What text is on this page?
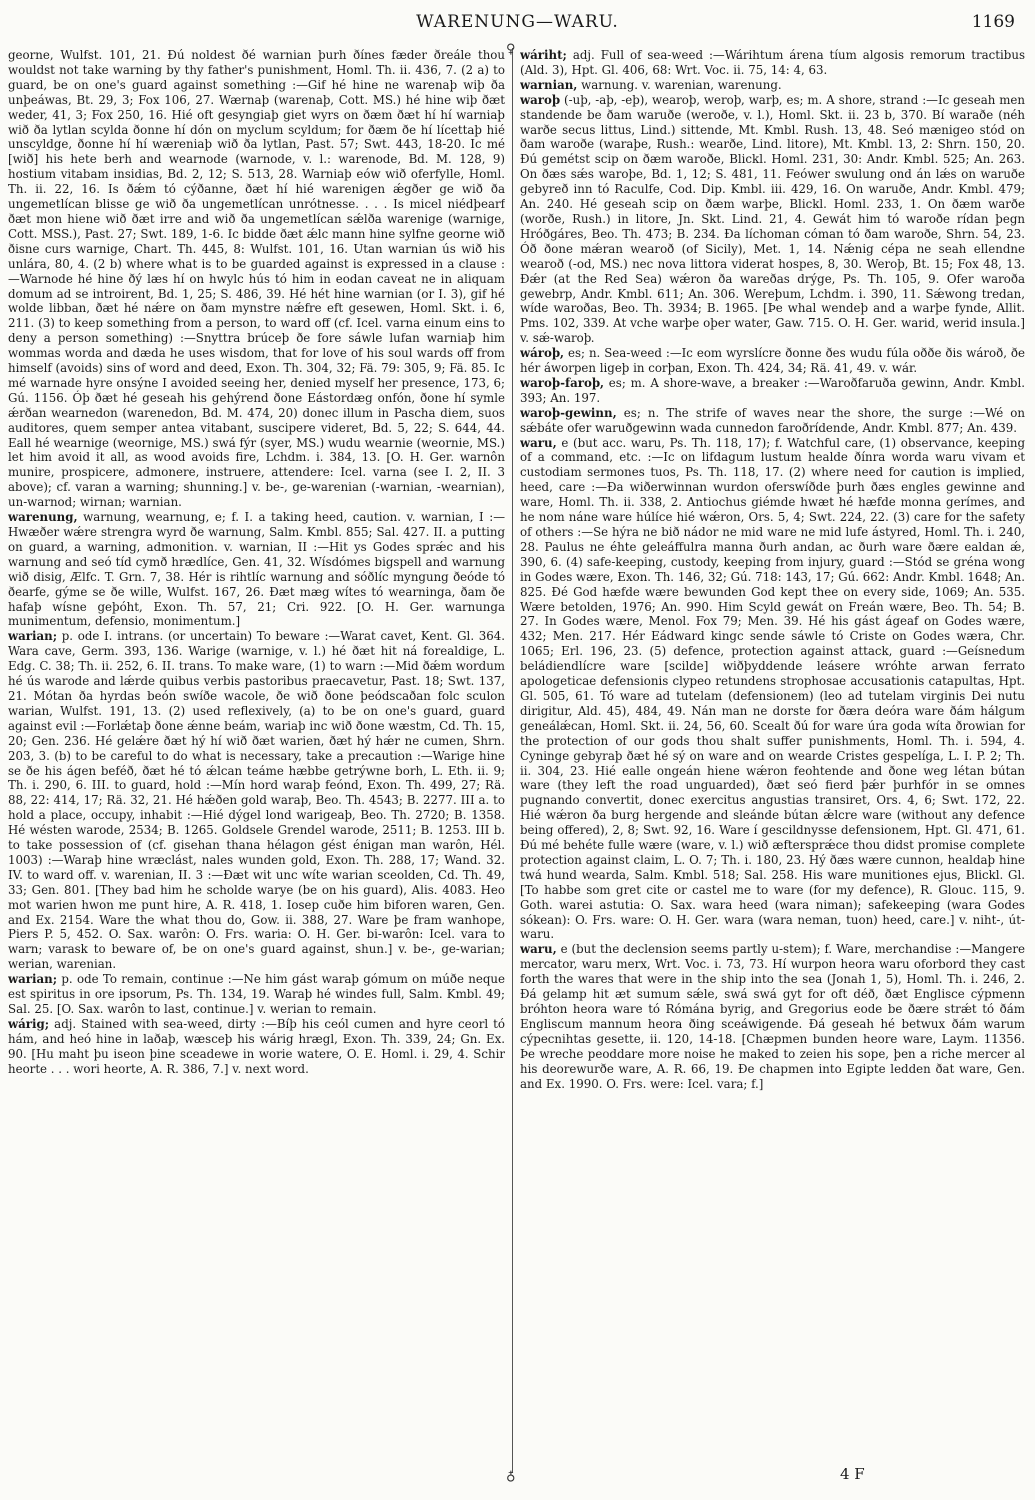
WARENUNG—WARU.	1169
♀
♁

georne, Wulfst. 101, 21. Ðú noldest ðé warnian þurh ðínes fæder ðreále thou wouldst not take warning by thy father's punishment, Homl. Th. ii. 436, 7. (2 a) to guard, be on one's guard against something :—Gif hé hine ne warenaþ wiþ ða unþeáwas, Bt. 29, 3; Fox 106, 27. Wærnaþ (warenaþ, Cott. MS.) hé hine wiþ ðæt weder, 41, 3; Fox 250, 16. Hié oft gesyngiaþ giet wyrs on ðæm ðæt hí hí warniaþ wið ða lytlan scylda ðonne hí dón on myclum scyldum; for ðæm ðe hí lícettaþ hié unscyldge, ðonne hí hí wæreniaþ wið ða lytlan, Past. 57; Swt. 443, 18-20. Ic mé [wið] his hete berh and wearnode (warnode, v. l.: warenode, Bd. M. 128, 9) hostium vitabam insidias, Bd. 2, 12; S. 513, 28. Warniaþ eów wið oferfylle, Homl. Th. ii. 22, 16. Is ðǽm tó cýðanne, ðæt hí hié warenigen ǽgðer ge wið ða ungemetlícan blisse ge wið ða ungemetlícan unrótnesse. . . . Is micel niédþearf ðæt mon hiene wið ðæt irre and wið ða ungemetlícan sǽlða warenige (warnige, Cott. MSS.), Past. 27; Swt. 189, 1-6. Ic bidde ðæt ǽlc mann hine sylfne georne wið ðisne curs warnige, Chart. Th. 445, 8: Wulfst. 101, 16. Utan warnian ús wið his unlára, 80, 4. (2 b) where what is to be guarded against is expressed in a clause :—Warnode hé hine ðý læs hí on hwylc hús tó him in eodan caveat ne in aliquam domum ad se introirent, Bd. 1, 25; S. 486, 39. Hé hét hine warnian (or I. 3), gif hé wolde libban, ðæt hé nǽre on ðam mynstre nǽfre eft gesewen, Homl. Skt. i. 6, 211. (3) to keep something from a person, to ward off (cf. Icel. varna einum eins to deny a person something) :—Snyttra brúceþ ðe fore sáwle lufan warniaþ him wommas worda and dæda he uses wisdom, that for love of his soul wards off from himself (avoids) sins of word and deed, Exon. Th. 304, 32; Fä. 79: 305, 9; Fä. 85. Ic mé warnade hyre onsýne I avoided seeing her, denied myself her presence, 173, 6; Gú. 1156. Óþ ðæt hé geseah his gehýrend ðone Eástordæg onfón, ðone hí symle ǽrðan wearnedon (warenedon, Bd. M. 474, 20) donec illum in Pascha diem, suos auditores, quem semper antea vitabant, suscipere videret, Bd. 5, 22; S. 644, 44. Eall hé wearnige (weornige, MS.) swá fýr (syer, MS.) wudu wearnie (weornie, MS.) let him avoid it all, as wood avoids fire, Lchdm. i. 384, 13. [O. H. Ger. warnôn munire, prospicere, admonere, instruere, attendere: Icel. varna (see I. 2, II. 3 above); cf. varan a warning; shunning.] v. be-, ge-warenian (-warnian, -wearnian), un-warnod; wirnan; warnian.

warenung, warnung, wearnung, e; f. I. a taking heed, caution. v. warnian, I :—Hwæðer wǽre strengra wyrd ðe warnung, Salm. Kmbl. 855; Sal. 427. II. a putting on guard, a warning, admonition. v. warnian, II :—Hit ys Godes sprǽc and his warnung and seó tíd cymð hrædlíce, Gen. 41, 32. Wísdómes bigspell and warnung wið disig, Ælfc. T. Grn. 7, 38. Hér is rihtlíc warnung and sóðlíc myngung ðeóde tó ðearfe, gýme se ðe wille, Wulfst. 167, 26. Ðæt mæg wítes tó wearninga, ðam ðe hafaþ wísne geþóht, Exon. Th. 57, 21; Cri. 922. [O. H. Ger. warnunga munimentum, defensio, monimentum.]

warian; p. ode I. intrans. (or uncertain) To beware :—Warat cavet, Kent. Gl. 364. Wara cave, Germ. 393, 136. Warige (warnige, v. l.) hé ðæt hit ná forealdige, L. Edg. C. 38; Th. ii. 252, 6. II. trans. To make ware, (1) to warn :—Mid ðǽm wordum hé ús warode and lǽrde quibus verbis pastoribus praecavetur, Past. 18; Swt. 137, 21. Mótan ða hyrdas beón swíðe wacole, ðe wið ðone þeódscaðan folc sculon warian, Wulfst. 191, 13. (2) used reflexively, (a) to be on one's guard, guard against evil :—Forlǽtaþ ðone ǽnne beám, wariaþ inc wið ðone wæstm, Cd. Th. 15, 20; Gen. 236. Hé gelǽre ðæt hý hí wið ðæt warien, ðæt hý hǽr ne cumen, Shrn. 203, 3. (b) to be careful to do what is necessary, take a precaution :—Warige hine se ðe his ágen beféð, ðæt hé tó ǽlcan teáme hæbbe getrýwne borh, L. Eth. ii. 9; Th. i. 290, 6. III. to guard, hold :—Mín hord waraþ feónd, Exon. Th. 499, 27; Rä. 88, 22: 414, 17; Rä. 32, 21. Hé hǽðen gold waraþ, Beo. Th. 4543; B. 2277. III a. to hold a place, occupy, inhabit :—Hié dýgel lond warigeaþ, Beo. Th. 2720; B. 1358. Hé wésten warode, 2534; B. 1265. Goldsele Grendel warode, 2511; B. 1253. III b. to take possession of (cf. gisehan thana hélagon gést énigan man warôn, Hél. 1003) :—Waraþ hine wræclást, nales wunden gold, Exon. Th. 288, 17; Wand. 32. IV. to ward off. v. warenian, II. 3 :—Ðæt wit unc wíte warian sceolden, Cd. Th. 49, 33; Gen. 801. [They bad him he scholde warye (be on his guard), Alis. 4083. Heo mot warien hwon me punt hire, A. R. 418, 1. Iosep cuðe him biforen waren, Gen. and Ex. 2154. Ware the what thou do, Gow. ii. 388, 27. Ware þe fram wanhope, Piers P. 5, 452. O. Sax. warôn: O. Frs. waria: O. H. Ger. bi-warôn: Icel. vara to warn; varask to beware of, be on one's guard against, shun.] v. be-, ge-warian; werian, warenian.

warian; p. ode To remain, continue :—Ne him gást waraþ gómum on múðe neque est spiritus in ore ipsorum, Ps. Th. 134, 19. Waraþ hé windes full, Salm. Kmbl. 49; Sal. 25. [O. Sax. warôn to last, continue.] v. werian to remain.

wárig; adj. Stained with sea-weed, dirty :—Bíþ his ceól cumen and hyre ceorl tó hám, and heó hine in laðaþ, wæsceþ his wárig hrægl, Exon. Th. 339, 24; Gn. Ex. 90. [Hu maht þu iseon þine sceadewe in worie watere, O. E. Homl. i. 29, 4. Schir heorte . . . wori heorte, A. R. 386, 7.] v. next word.

wáriht; adj. Full of sea-weed :—Wárihtum árena tíum algosis remorum tractibus (Ald. 3), Hpt. Gl. 406, 68: Wrt. Voc. ii. 75, 14: 4, 63.

warnian, warnung. v. warenian, warenung.

waroþ (-uþ, -aþ, -eþ), wearoþ, weroþ, warþ, es; m. A shore, strand :—Ic geseah men standende be ðam waruðe (weroðe, v. l.), Homl. Skt. ii. 23 b, 370. Bí waraðe (néh warðe secus littus, Lind.) sittende, Mt. Kmbl. Rush. 13, 48. Seó mænigeo stód on ðam waroðe (waraþe, Rush.: wearðe, Lind. litore), Mt. Kmbl. 13, 2: Shrn. 150, 20. Ðú gemétst scip on ðæm waroðe, Blickl. Homl. 231, 30: Andr. Kmbl. 525; An. 263. On ðæs sǽs waroþe, Bd. 1, 12; S. 481, 11. Feówer swulung ond án lǽs on waruðe gebyreð inn tó Raculfe, Cod. Dip. Kmbl. iii. 429, 16. On waruðe, Andr. Kmbl. 479; An. 240. Hé geseah scip on ðæm warþe, Blickl. Homl. 233, 1. On ðæm warðe (worðe, Rush.) in litore, Jn. Skt. Lind. 21, 4. Gewát him tó waroðe rídan þegn Hróðgáres, Beo. Th. 473; B. 234. Ða líchoman cóman tó ðam waroðe, Shrn. 54, 23. Óð ðone mǽran wearoð (of Sicily), Met. 1, 14. Nǽnig cépa ne seah ellendne wearoð (-od, MS.) nec nova littora viderat hospes, 8, 30. Weroþ, Bt. 15; Fox 48, 13. Ðǽr (at the Red Sea) wǽron ða wareðas drýge, Ps. Th. 105, 9. Ofer waroða gewebrp, Andr. Kmbl. 611; An. 306. Wereþum, Lchdm. i. 390, 11. Sǽwong tredan, wíde waroðas, Beo. Th. 3934; B. 1965. [Þe whal wendeþ and a warþe fynde, Allit. Pms. 102, 339. At vche warþe oþer water, Gaw. 715. O. H. Ger. warid, werid insula.] v. sǽ-waroþ.

wároþ, es; n. Sea-weed :—Ic eom wyrslícre ðonne ðes wudu fúla oððe ðis wároð, ðe hér áworpen ligeþ in corþan, Exon. Th. 424, 34; Rä. 41, 49. v. wár.

waroþ-faroþ, es; m. A shore-wave, a breaker :—Waroðfaruða gewinn, Andr. Kmbl. 393; An. 197.

waroþ-gewinn, es; n. The strife of waves near the shore, the surge :—Wé on sǽbáte ofer waruðgewinn wada cunnedon faroðrídende, Andr. Kmbl. 877; An. 439.

waru, e (but acc. waru, Ps. Th. 118, 17); f. Watchful care, (1) observance, keeping of a command, etc. :—Ic on lifdagum lustum healde ðínra worda waru vivam et custodiam sermones tuos, Ps. Th. 118, 17. (2) where need for caution is implied, heed, care :—Ða wiðerwinnan wurdon oferswíðde þurh ðæs engles gewinne and ware, Homl. Th. ii. 338, 2. Antiochus giémde hwæt hé hæfde monna gerímes, and he nom náne ware húlíce hié wǽron, Ors. 5, 4; Swt. 224, 22. (3) care for the safety of others :—Se hýra ne bið nádor ne mid ware ne mid lufe ástyred, Homl. Th. i. 240, 28. Paulus ne éhte geleáffulra manna ðurh andan, ac ðurh ware ðære ealdan ǽ, 390, 6. (4) safe-keeping, custody, keeping from injury, guard :—Stód se gréna wong in Godes wære, Exon. Th. 146, 32; Gú. 718: 143, 17; Gú. 662: Andr. Kmbl. 1648; An. 825. Ðé God hæfde wære bewunden God kept thee on every side, 1069; An. 535. Wære betolden, 1976; An. 990. Him Scyld gewát on Freán wære, Beo. Th. 54; B. 27. In Godes wære, Menol. Fox 79; Men. 39. Hé his gást ágeaf on Godes wære, 432; Men. 217. Hér Eádward kingc sende sáwle tó Criste on Godes wæra, Chr. 1065; Erl. 196, 23. (5) defence, protection against attack, guard :—Geísnedum beládiendlícre ware [scilde] wiðþyddende leásere wróhte arwan ferrato apologeticae defensionis clypeo retundens strophosae accusationis catapultas, Hpt. Gl. 505, 61. Tó ware ad tutelam (defensionem) (leo ad tutelam virginis Dei nutu dirigitur, Ald. 45), 484, 49. Nán man ne dorste for ðæra deóra ware ðám hálgum geneálǽcan, Homl. Skt. ii. 24, 56, 60. Scealt ðú for ware úra goda wíta ðrowian for the protection of our gods thou shalt suffer punishments, Homl. Th. i. 594, 4. Cyninge gebyraþ ðæt hé sý on ware and on wearde Cristes gespelíga, L. I. P. 2; Th. ii. 304, 23. Hié ealle ongeán hiene wǽron feohtende and ðone weg létan bútan ware (they left the road unguarded), ðæt seó fierd þǽr þurhfór in se omnes pugnando convertit, donec exercitus angustias transiret, Ors. 4, 6; Swt. 172, 22. Hié wǽron ða burg hergende and sleánde bútan ǽlcre ware (without any defence being offered), 2, 8; Swt. 92, 16. Ware í gescildnysse defensionem, Hpt. Gl. 471, 61. Ðú mé behéte fulle wære (ware, v. l.) wið æftersprǽce thou didst promise complete protection against claim, L. O. 7; Th. i. 180, 23. Hý ðæs wære cunnon, healdaþ hine twá hund wearda, Salm. Kmbl. 518; Sal. 258. His ware munitiones ejus, Blickl. Gl. [To habbe som gret cite or castel me to ware (for my defence), R. Glouc. 115, 9. Goth. warei astutia: O. Sax. wara heed (wara niman); safekeeping (wara Godes sókean): O. Frs. ware: O. H. Ger. wara (wara neman, tuon) heed, care.] v. niht-, út-waru.

waru, e (but the declension seems partly u-stem); f. Ware, merchandise :—Mangere mercator, waru merx, Wrt. Voc. i. 73, 73. Hí wurpon heora waru oforbord they cast forth the wares that were in the ship into the sea (Jonah 1, 5), Homl. Th. i. 246, 2. Ðá gelamp hit æt sumum sǽle, swá swá gyt for oft déð, ðæt Englisce cýpmenn bróhton heora ware tó Rómána byrig, and Gregorius eode be ðære strǽt tó ðám Engliscum mannum heora ðing sceáwigende. Ðá geseah hé betwux ðám warum cýpecnihtas gesette, ii. 120, 14-18. [Chæpmen bunden heore ware, Laym. 11356. Þe wreche peoddare more noise he maked to zeien his sope, þen a riche mercer al his deorewurðe ware, A. R. 66, 19. Ðe chapmen into Egipte ledden ðat ware, Gen. and Ex. 1990. O. Frs. were: Icel. vara; f.]

4 F
